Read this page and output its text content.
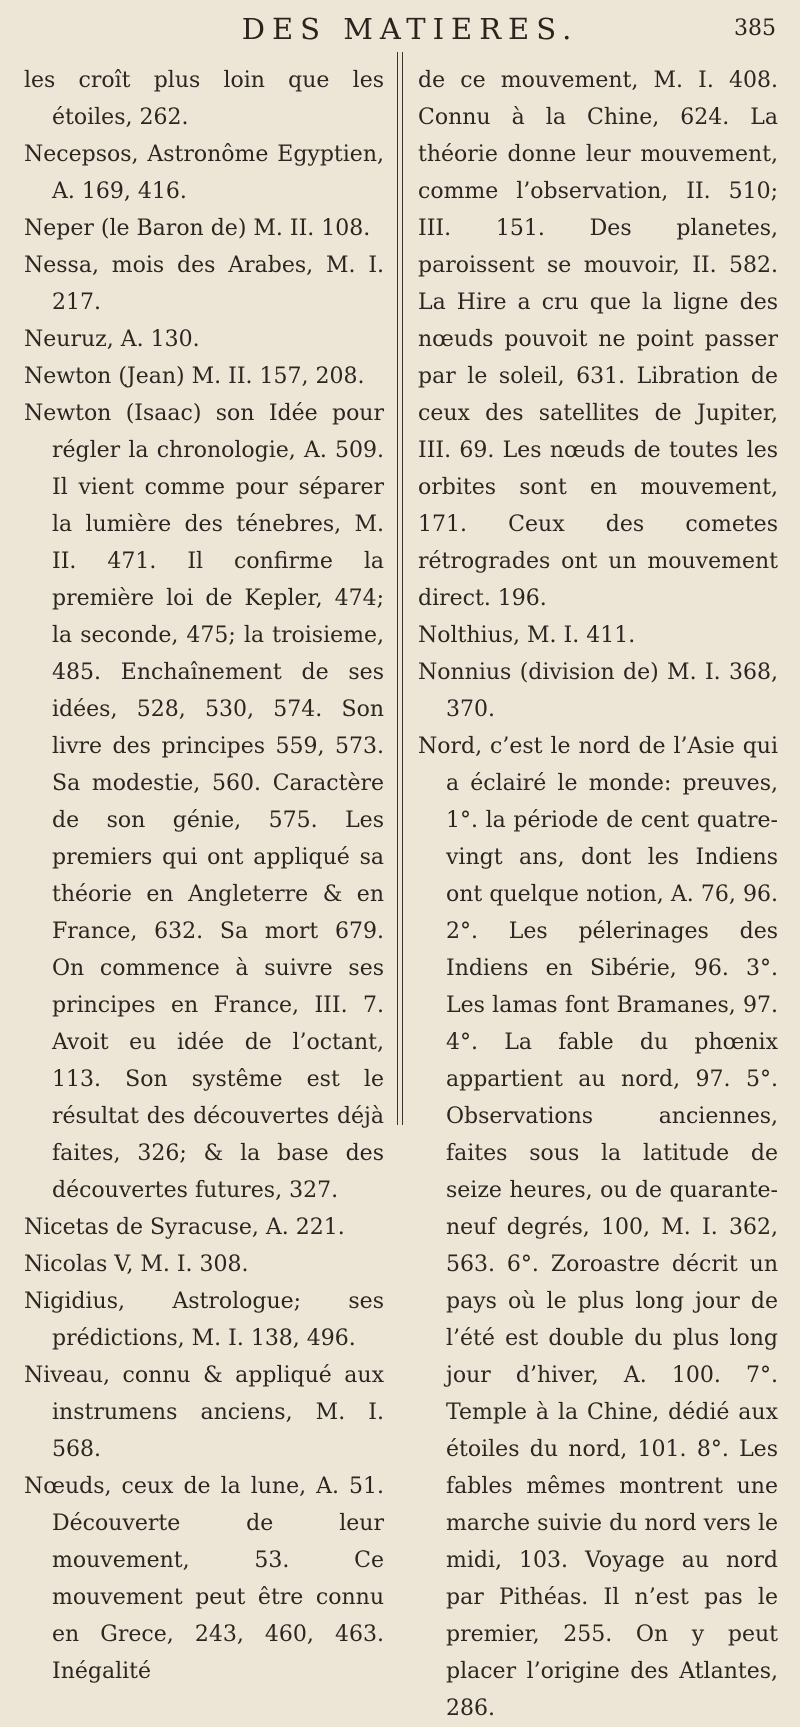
DES MATIERES.	385

les croît plus loin que les étoiles, 262.

Necepsos, Astronôme Egyptien, A. 169, 416.

Neper (le Baron de) M. II. 108.

Nessa, mois des Arabes, M. I. 217.

Neuruz, A. 130.

Newton (Jean) M. II. 157, 208.

Newton (Isaac) son Idée pour régler la chronologie, A. 509. Il vient comme pour séparer la lumière des ténebres, M. II. 471. Il confirme la première loi de Kepler, 474; la seconde, 475; la troisieme, 485. Enchaînement de ses idées, 528, 530, 574. Son livre des principes 559, 573. Sa modestie, 560. Caractère de son génie, 575. Les premiers qui ont appliqué sa théorie en Angleterre & en France, 632. Sa mort 679. On commence à suivre ses principes en France, III. 7. Avoit eu idée de l’octant, 113. Son systême est le résultat des découvertes déjà faites, 326; & la base des découvertes futures, 327.

Nicetas de Syracuse, A. 221.

Nicolas V, M. I. 308.

Nigidius, Astrologue; ses prédictions, M. I. 138, 496.

Niveau, connu & appliqué aux instrumens anciens, M. I. 568.

Nœuds, ceux de la lune, A. 51. Découverte de leur mouvement, 53. Ce mouvement peut être connu en Grece, 243, 460, 463. Inégalité

de ce mouvement, M. I. 408. Connu à la Chine, 624. La théorie donne leur mouvement, comme l’observation, II. 510; III. 151. Des planetes, paroissent se mouvoir, II. 582. La Hire a cru que la ligne des nœuds pouvoit ne point passer par le soleil, 631. Libration de ceux des satellites de Jupiter, III. 69. Les nœuds de toutes les orbites sont en mouvement, 171. Ceux des cometes rétrogrades ont un mouvement direct. 196.

Nolthius, M. I. 411.

Nonnius (division de) M. I. 368, 370.

Nord, c’est le nord de l’Asie qui a éclairé le monde: preuves, 1°. la période de cent quatre-vingt ans, dont les Indiens ont quelque notion, A. 76, 96. 2°. Les pélerinages des Indiens en Sibérie, 96. 3°. Les lamas font Bramanes, 97. 4°. La fable du phœnix appartient au nord, 97. 5°. Observations anciennes, faites sous la latitude de seize heures, ou de quarante-neuf degrés, 100, M. I. 362, 563. 6°. Zoroastre décrit un pays où le plus long jour de l’été est double du plus long jour d’hiver, A. 100. 7°. Temple à la Chine, dédié aux étoiles du nord, 101. 8°. Les fables mêmes montrent une marche suivie du nord vers le midi, 103. Voyage au nord par Pithéas. Il n’est pas le premier, 255. On y peut placer l’origine des Atlantes, 286.
